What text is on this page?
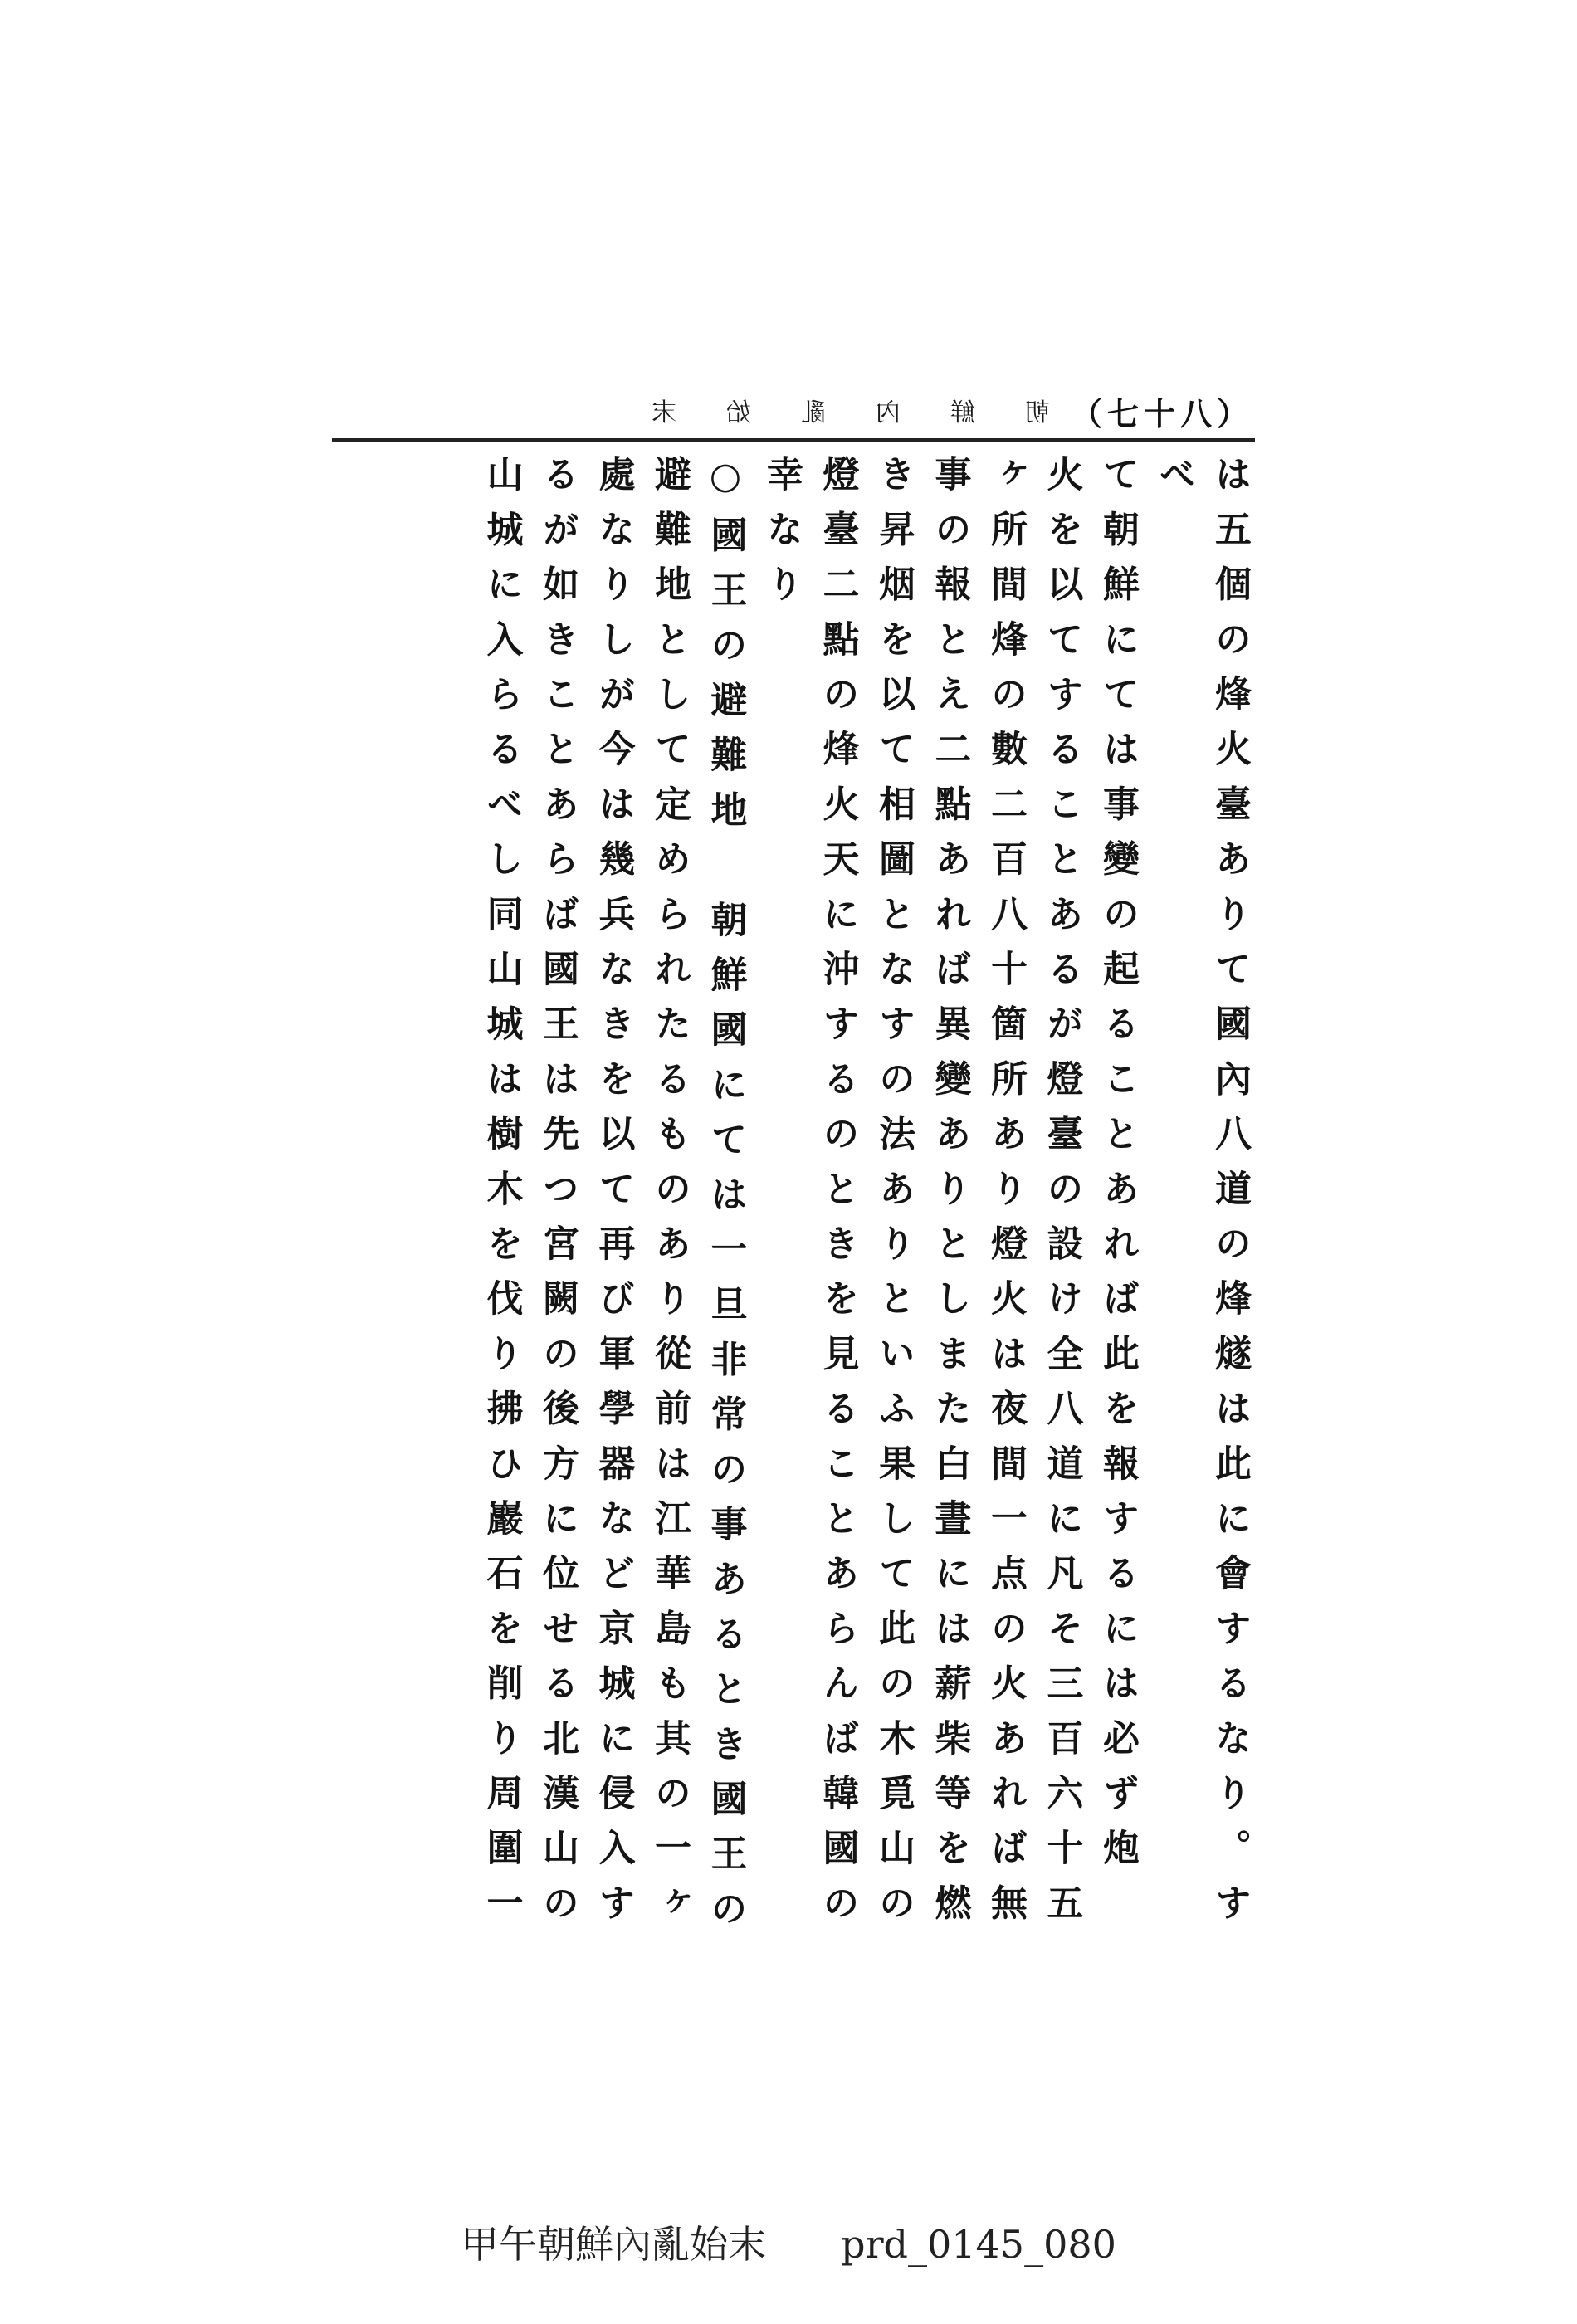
朝鮮內亂始末 （七十八）

は五個の烽火臺ありて國內八道の烽燧は此に會するなり。すべ

て朝鮮にては事變の起ることあれば此を報するには必ず炮

火を以てすることあるが燈臺の設け全八道に凡そ三百六十五

ヶ所間烽の數二百八十箇所あり燈火は夜間一点の火あれば無

事の報とえ二點あれば異變ありとしまた白晝には薪柴等を燃

き昇烟を以て相圖となすの法ありといふ果して此の木覓山の

燈臺二點の烽火天に沖するのときを見ることあらんば韓國の

幸なり

○國王の避難地　朝鮮國にては一旦非常の事あるとき國王の

避難地として定められたるものあり從前は江華島も其の一ヶ

處なりしが今は幾兵なきを以て再び軍學器など京城に侵入す

るが如きことあらば國王は先つ宮闕の後方に位せる北漢山の

山城に入らるべし同山城は樹木を伐り拂ひ巖石を削り周圍一

甲午朝鮮內亂始末 prd_0145_080
